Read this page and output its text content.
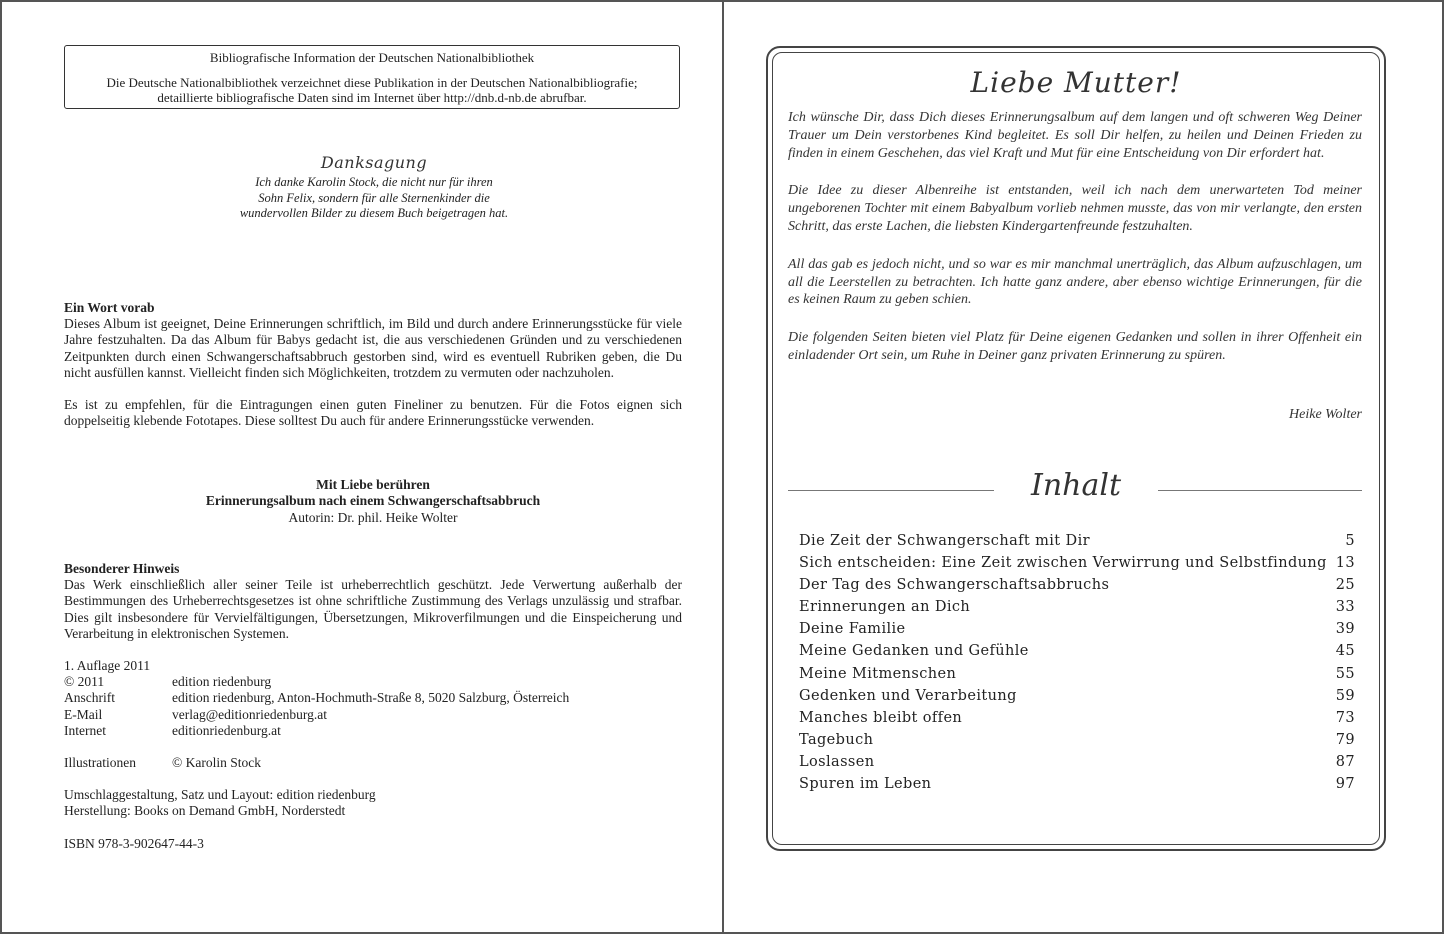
Bibliografische Information der Deutschen Nationalbibliothek
Die Deutsche Nationalbibliothek verzeichnet diese Publikation in der Deutschen Nationalbibliografie;
detaillierte bibliografische Daten sind im Internet über http://dnb.d-nb.de abrufbar.
Danksagung
Ich danke Karolin Stock, die nicht nur für ihren
Sohn Felix, sondern für alle Sternenkinder die
wundervollen Bilder zu diesem Buch beigetragen hat.
Ein Wort vorab
Dieses Album ist geeignet, Deine Erinnerungen schriftlich, im Bild und durch andere Erinnerungsstücke für viele Jahre festzuhalten. Da das Album für Babys gedacht ist, die aus verschiedenen Gründen und zu verschiedenen Zeitpunkten durch einen Schwangerschaftsabbruch gestorben sind, wird es eventuell Rubriken geben, die Du nicht ausfüllen kannst. Vielleicht finden sich Möglichkeiten, trotzdem zu vermuten oder nachzuholen.
Es ist zu empfehlen, für die Eintragungen einen guten Fineliner zu benutzen. Für die Fotos eignen sich doppelseitig klebende Fototapes. Diese solltest Du auch für andere Erinnerungsstücke verwenden.
Mit Liebe berühren
Erinnerungsalbum nach einem Schwangerschaftsabbruch
Autorin: Dr. phil. Heike Wolter
Besonderer Hinweis
Das Werk einschließlich aller seiner Teile ist urheberrechtlich geschützt. Jede Verwertung außerhalb der Bestimmungen des Urheberrechtsgesetzes ist ohne schriftliche Zustimmung des Verlags unzulässig und strafbar. Dies gilt insbesondere für Vervielfältigungen, Übersetzungen, Mikroverfilmungen und die Einspeicherung und Verarbeitung in elektronischen Systemen.
1. Auflage 2011
© 2011	edition riedenburg
Anschrift	edition riedenburg, Anton-Hochmuth-Straße 8, 5020 Salzburg, Österreich
E-Mail	verlag@editionriedenburg.at
Internet	editionriedenburg.at
Illustrationen	© Karolin Stock
Umschlaggestaltung, Satz und Layout: edition riedenburg
Herstellung: Books on Demand GmbH, Norderstedt
ISBN 978-3-902647-44-3
Liebe Mutter!

Ich wünsche Dir, dass Dich dieses Erinnerungsalbum auf dem langen und oft schweren Weg Deiner Trauer um Dein verstorbenes Kind begleitet. Es soll Dir helfen, zu heilen und Deinen Frieden zu finden in einem Geschehen, das viel Kraft und Mut für eine Entscheidung von Dir erfordert hat.

Die Idee zu dieser Albenreihe ist entstanden, weil ich nach dem unerwarteten Tod meiner ungeborenen Tochter mit einem Babyalbum vorlieb nehmen musste, das von mir verlangte, den ersten Schritt, das erste Lachen, die liebsten Kindergartenfreunde festzuhalten.

All das gab es jedoch nicht, und so war es mir manchmal unerträglich, das Album aufzuschlagen, um all die Leerstellen zu betrachten. Ich hatte ganz andere, aber ebenso wichtige Erinnerungen, für die es keinen Raum zu geben schien.

Die folgenden Seiten bieten viel Platz für Deine eigenen Gedanken und sollen in ihrer Offenheit ein einladender Ort sein, um Ruhe in Deiner ganz privaten Erinnerung zu spüren.

Heike Wolter
Inhalt
Die Zeit der Schwangerschaft mit Dir	5
Sich entscheiden: Eine Zeit zwischen Verwirrung und Selbstfindung 13
Der Tag des Schwangerschaftsabbruchs	25
Erinnerungen an Dich	33
Deine Familie	39
Meine Gedanken und Gefühle	45
Meine Mitmenschen	55
Gedenken und Verarbeitung	59
Manches bleibt offen	73
Tagebuch	79
Loslassen	87
Spuren im Leben	97
